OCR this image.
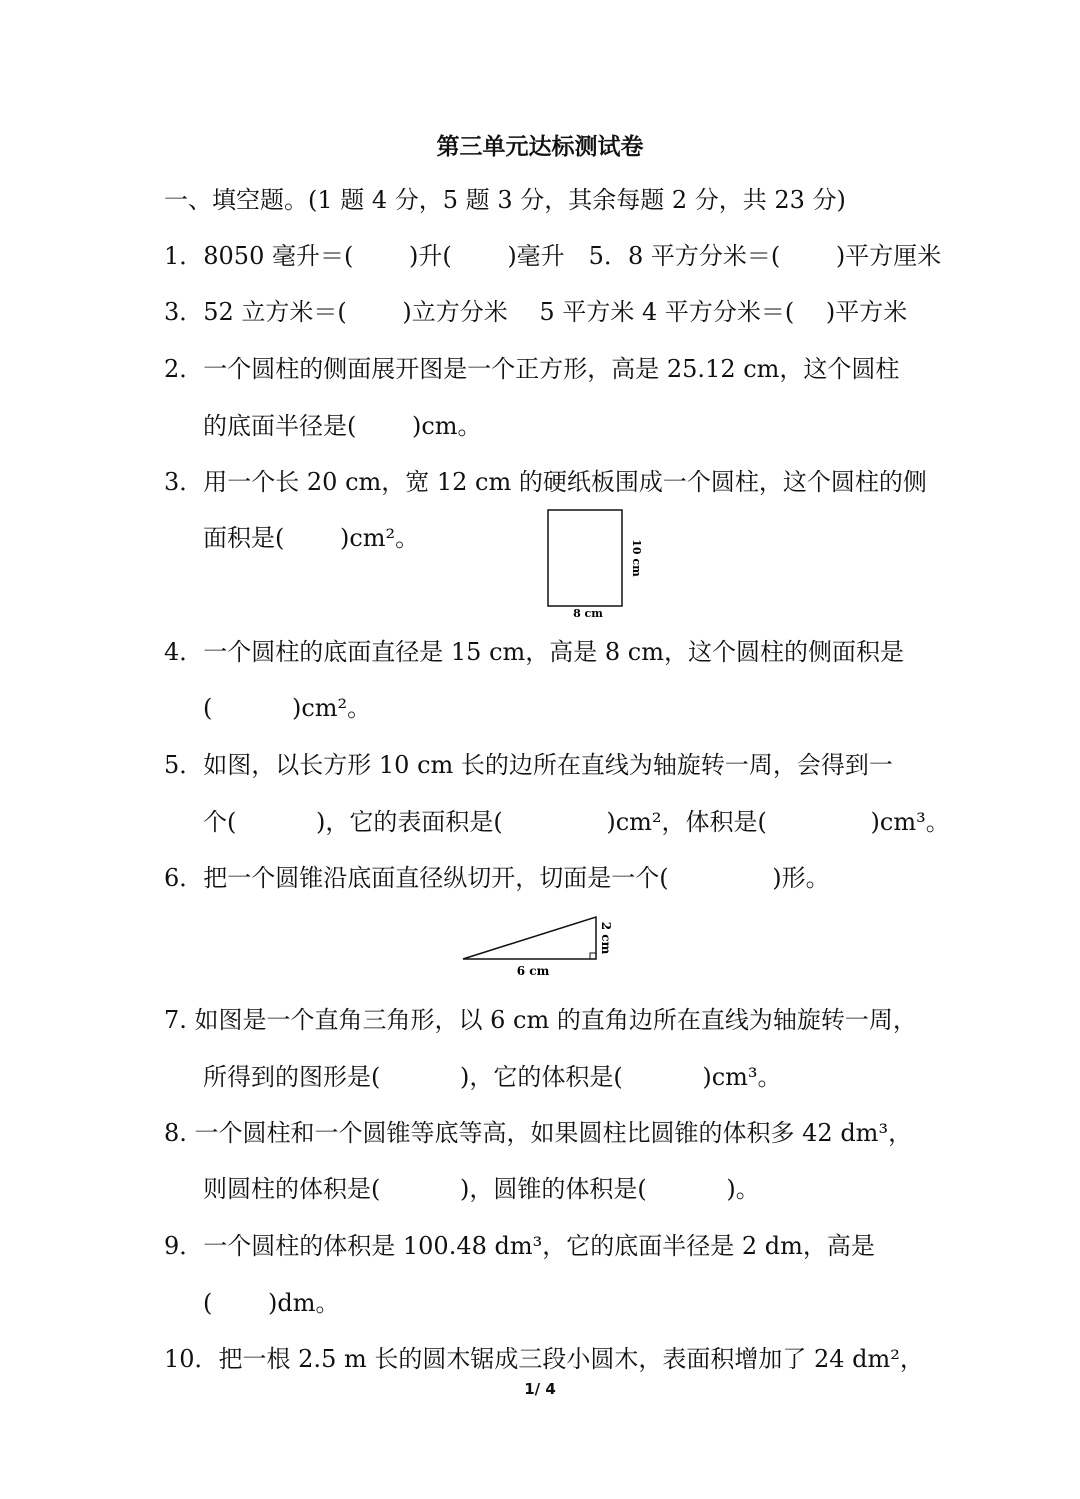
第三单元达标测试卷
一、填空题。(1 题 4 分，5 题 3 分，其余每题 2 分，共 23 分)
1．8050 毫升＝(　　 )升(　　 )毫升　5．8 平方分米＝(　　 )平方厘米
3．52 立方米＝(　　 )立方分米　 5 平方米 4 平方分米＝(　 )平方米
2．一个圆柱的侧面展开图是一个正方形，高是 25.12 cm，这个圆柱
的底面半径是(　　 )cm。
3．用一个长 20 cm，宽 12 cm 的硬纸板围成一个圆柱，这个圆柱的侧
面积是(　　 )cm²。
8 cm
10 cm
4．一个圆柱的底面直径是 15 cm，高是 8 cm，这个圆柱的侧面积是
(　　　 )cm²。
5．如图，以长方形 10 cm 长的边所在直线为轴旋转一周，会得到一
个(　　　 )，它的表面积是(　　　　 )cm²，体积是(　　　　 )cm³。
6．把一个圆锥沿底面直径纵切开，切面是一个(　　　　 )形。
6 cm
2 cm
7. 如图是一个直角三角形，以 6 cm 的直角边所在直线为轴旋转一周，
所得到的图形是(　　　 )，它的体积是(　　　 )cm³。
8. 一个圆柱和一个圆锥等底等高，如果圆柱比圆锥的体积多 42 dm³，
则圆柱的体积是(　　　 )，圆锥的体积是(　　　 )。
9．一个圆柱的体积是 100.48 dm³，它的底面半径是 2 dm，高是
(　　 )dm。
10．把一根 2.5 m 长的圆木锯成三段小圆木，表面积增加了 24 dm²，
1/ 4
